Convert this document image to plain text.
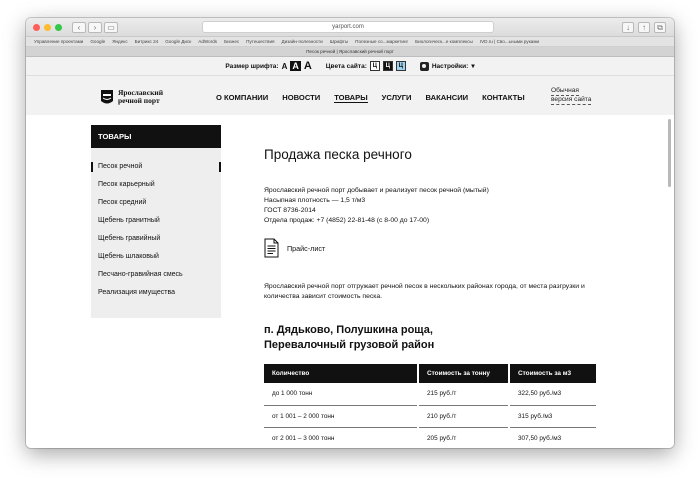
‹	›	▭	yarport.com	↓	↑	⧉
Управление проектами Google Яндекс Битрикс 24 Google Диск AdWords Бизнес Путешествия Дизайн-полезности Шрифты Полезные со...маркетинг Биологическ...е комплексы IVD.ru | Сво...ьными руками
Песок речной | Ярославский речной порт
Размер шрифта: A A A Цвета сайта: Ц	Ц	Ц	Настройки: ▾
Ярославский
речной порт	О КОМПАНИИ НОВОСТИ ТОВАРЫ УСЛУГИ ВАКАНСИИ КОНТАКТЫ
Обычная
версия сайта
ТОВАРЫ
Песок речной
Песок карьерный
Песок средний
Щебень гранитный
Щебень гравийный
Щебень шлаковый
Песчано-гравийная смесь
Реализация имущества
Продажа песка речного
Ярославский речной порт добывает и реализует песок речной (мытый)
Насыпная плотность — 1,5 т/м3
ГОСТ 8736-2014
Отдела продаж: +7 (4852) 22-81-48 (с 8-00 до 17-00)
Прайс-лист

Ярославский речной порт отгружает речной песок в нескольких районах города, от места разгрузки и количества зависит стоимость песка.

п. Дядьково, Полушкина роща,
Перевалочный грузовой район
Количество	Стоимость за тонну	Стоимость за м3
до 1 000 тонн	215 руб./т	322,50 руб./м3
от 1 001 – 2 000 тонн	210 руб./т	315 руб./м3
от 2 001 – 3 000 тонн	205 руб./т	307,50 руб./м3
